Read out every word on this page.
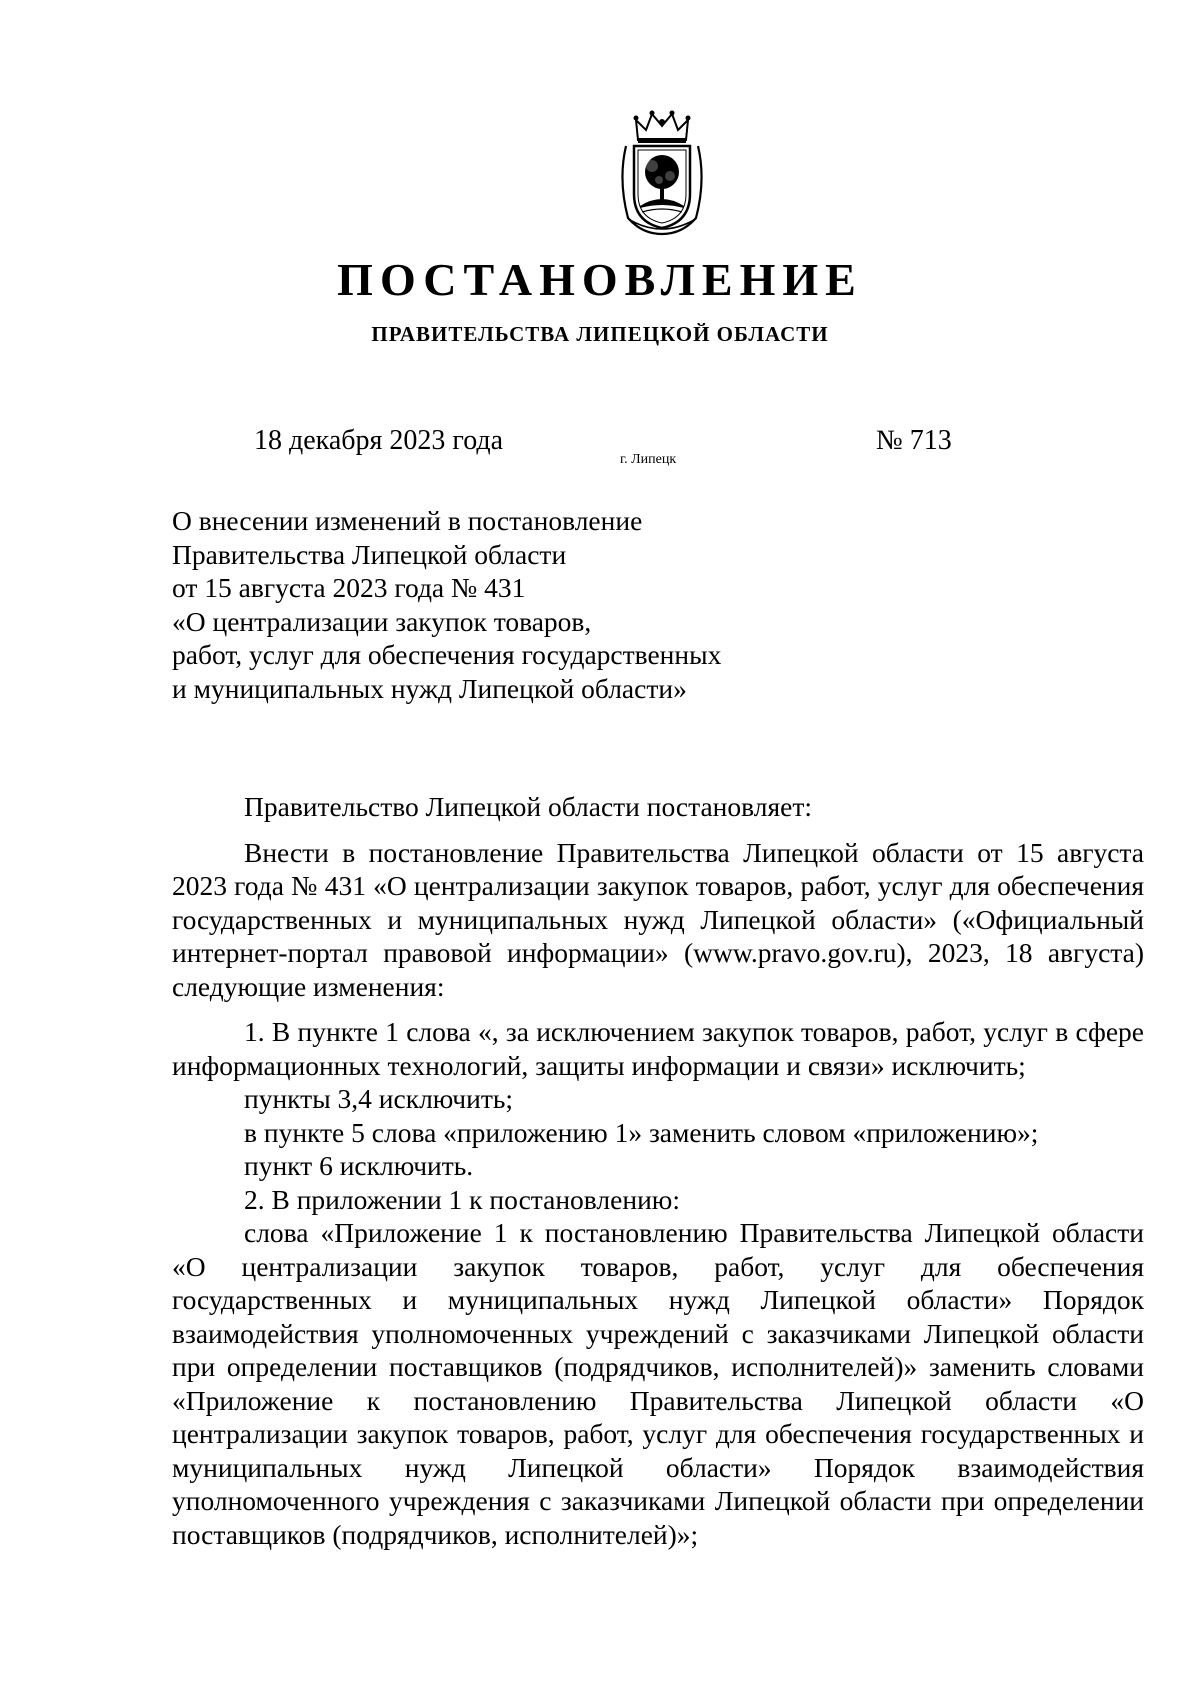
ПОСТАНОВЛЕНИЕ
ПРАВИТЕЛЬСТВА ЛИПЕЦКОЙ ОБЛАСТИ
18 декабря 2023 года
г. Липецк
№ 713
О внесении изменений в постановление
Правительства Липецкой области
от 15 августа 2023 года № 431
«О централизации закупок товаров,
работ, услуг для обеспечения государственных
и муниципальных нужд Липецкой области»

Правительство Липецкой области постановляет:

Внести в постановление Правительства Липецкой области от 15 августа 2023 года № 431 «О централизации закупок товаров, работ, услуг для обеспечения государственных и муниципальных нужд Липецкой области» («Официальный интернет-портал правовой информации» (www.pravo.gov.ru), 2023, 18 августа) следующие изменения:

1. В пункте 1 слова «, за исключением закупок товаров, работ, услуг в сфере информационных технологий, защиты информации и связи» исключить;

пункты 3,4 исключить;

в пункте 5 слова «приложению 1» заменить словом «приложению»;

пункт 6 исключить.

2. В приложении 1 к постановлению:

слова «Приложение 1 к постановлению Правительства Липецкой области «О централизации закупок товаров, работ, услуг для обеспечения государственных и муниципальных нужд Липецкой области» Порядок взаимодействия уполномоченных учреждений с заказчиками Липецкой области при определении поставщиков (подрядчиков, исполнителей)» заменить словами «Приложение к постановлению Правительства Липецкой области «О централизации закупок товаров, работ, услуг для обеспечения государственных и муниципальных нужд Липецкой области» Порядок взаимодействия уполномоченного учреждения с заказчиками Липецкой области при определении поставщиков (подрядчиков, исполнителей)»;
